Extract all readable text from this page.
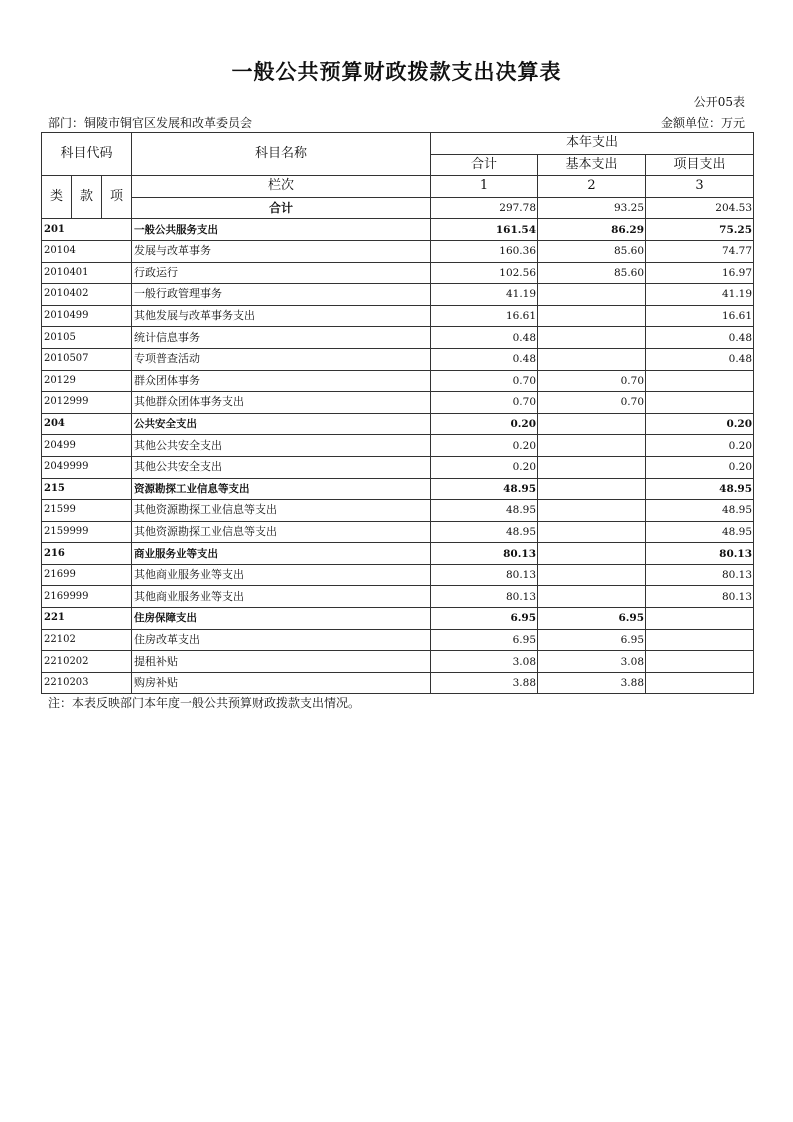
一般公共预算财政拨款支出决算表
公开05表
部门：铜陵市铜官区发展和改革委员会	金额单位：万元
科目代码			科目名称	本年支出		
				合计	基本支出	项目支出
类	款	项	栏次	1	2	3
			合计	297.78	93.25	204.53
201			一般公共服务支出	161.54	86.29	75.25
20104			发展与改革事务	160.36	85.60	74.77
2010401			行政运行	102.56	85.60	16.97
2010402			一般行政管理事务	41.19		41.19
2010499			其他发展与改革事务支出	16.61		16.61
20105			统计信息事务	0.48		0.48
2010507			专项普查活动	0.48		0.48
20129			群众团体事务	0.70	0.70	
2012999			其他群众团体事务支出	0.70	0.70	
204			公共安全支出	0.20		0.20
20499			其他公共安全支出	0.20		0.20
2049999			其他公共安全支出	0.20		0.20
215			资源勘探工业信息等支出	48.95		48.95
21599			其他资源勘探工业信息等支出	48.95		48.95
2159999			其他资源勘探工业信息等支出	48.95		48.95
216			商业服务业等支出	80.13		80.13
21699			其他商业服务业等支出	80.13		80.13
2169999			其他商业服务业等支出	80.13		80.13
221			住房保障支出	6.95	6.95	
22102			住房改革支出	6.95	6.95	
2210202			提租补贴	3.08	3.08	
2210203			购房补贴	3.88	3.88	
注：本表反映部门本年度一般公共预算财政拨款支出情况。
